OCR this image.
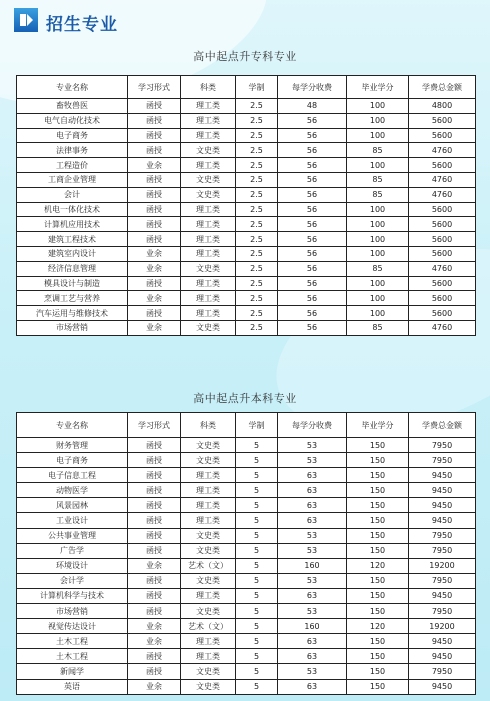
招生专业
高中起点升专科专业
专业名称	学习形式	科类	学制	每学分收费	毕业学分	学费总金额
畜牧兽医	函授	理工类	2.5	48	100	4800
电气自动化技术	函授	理工类	2.5	56	100	5600
电子商务	函授	理工类	2.5	56	100	5600
法律事务	函授	文史类	2.5	56	85	4760
工程造价	业余	理工类	2.5	56	100	5600
工商企业管理	函授	文史类	2.5	56	85	4760
会计	函授	文史类	2.5	56	85	4760
机电一体化技术	函授	理工类	2.5	56	100	5600
计算机应用技术	函授	理工类	2.5	56	100	5600
建筑工程技术	函授	理工类	2.5	56	100	5600
建筑室内设计	业余	理工类	2.5	56	100	5600
经济信息管理	业余	文史类	2.5	56	85	4760
模具设计与制造	函授	理工类	2.5	56	100	5600
烹调工艺与营养	业余	理工类	2.5	56	100	5600
汽车运用与维修技术	函授	理工类	2.5	56	100	5600
市场营销	业余	文史类	2.5	56	85	4760
高中起点升本科专业
专业名称	学习形式	科类	学制	每学分收费	毕业学分	学费总金额
财务管理	函授	文史类	5	53	150	7950
电子商务	函授	文史类	5	53	150	7950
电子信息工程	函授	理工类	5	63	150	9450
动物医学	函授	理工类	5	63	150	9450
风景园林	函授	理工类	5	63	150	9450
工业设计	函授	理工类	5	63	150	9450
公共事业管理	函授	文史类	5	53	150	7950
广告学	函授	文史类	5	53	150	7950
环境设计	业余	艺术（文）	5	160	120	19200
会计学	函授	文史类	5	53	150	7950
计算机科学与技术	函授	理工类	5	63	150	9450
市场营销	函授	文史类	5	53	150	7950
视觉传达设计	业余	艺术（文）	5	160	120	19200
土木工程	业余	理工类	5	63	150	9450
土木工程	函授	理工类	5	63	150	9450
新闻学	函授	文史类	5	53	150	7950
英语	业余	文史类	5	63	150	9450
